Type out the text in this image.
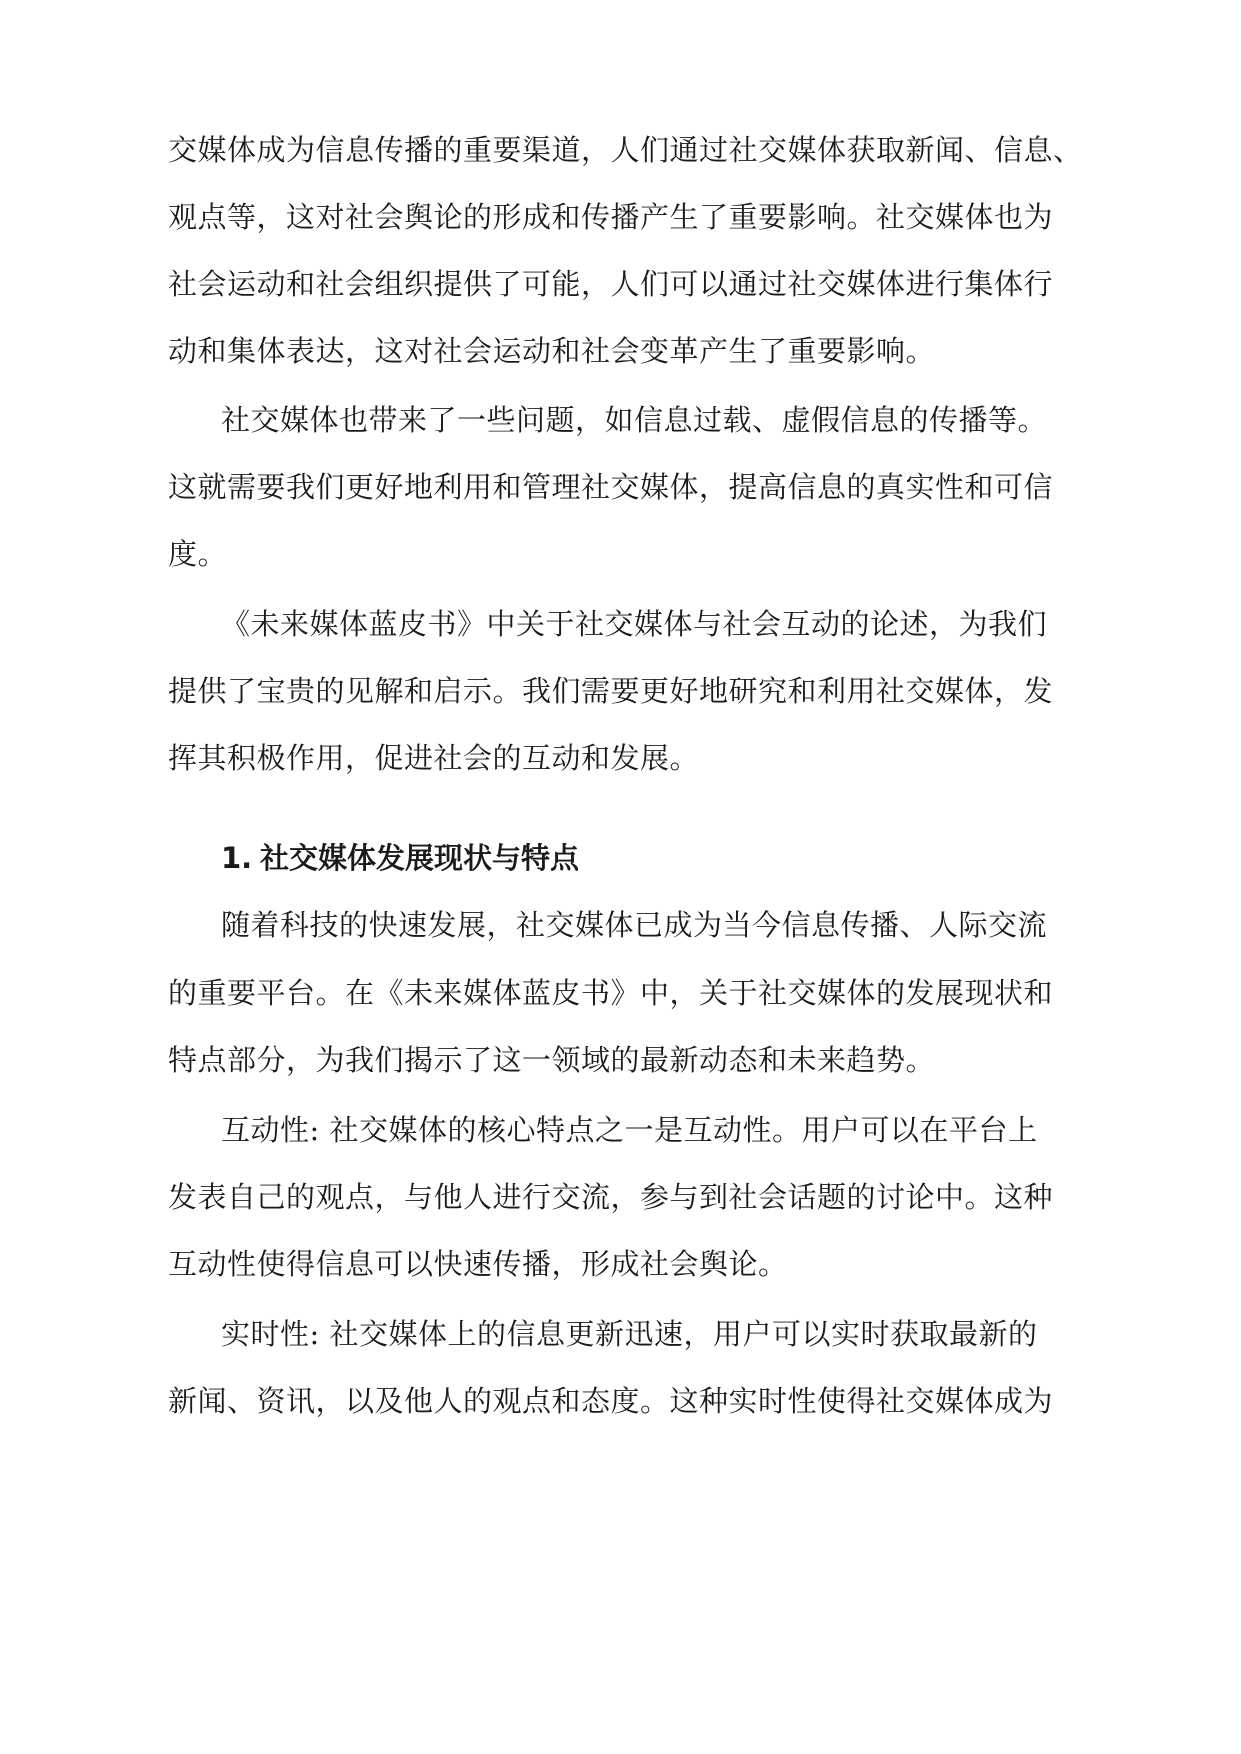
交媒体成为信息传播的重要渠道，人们通过社交媒体获取新闻、信息、
观点等，这对社会舆论的形成和传播产生了重要影响。社交媒体也为
社会运动和社会组织提供了可能，人们可以通过社交媒体进行集体行
动和集体表达，这对社会运动和社会变革产生了重要影响。
社交媒体也带来了一些问题，如信息过载、虚假信息的传播等。
这就需要我们更好地利用和管理社交媒体，提高信息的真实性和可信
度。
《未来媒体蓝皮书》中关于社交媒体与社会互动的论述，为我们
提供了宝贵的见解和启示。我们需要更好地研究和利用社交媒体，发
挥其积极作用，促进社会的互动和发展。
1. 社交媒体发展现状与特点
随着科技的快速发展，社交媒体已成为当今信息传播、人际交流
的重要平台。在《未来媒体蓝皮书》中，关于社交媒体的发展现状和
特点部分，为我们揭示了这一领域的最新动态和未来趋势。
互动性: 社交媒体的核心特点之一是互动性。用户可以在平台上
发表自己的观点，与他人进行交流，参与到社会话题的讨论中。这种
互动性使得信息可以快速传播，形成社会舆论。
实时性: 社交媒体上的信息更新迅速，用户可以实时获取最新的
新闻、资讯，以及他人的观点和态度。这种实时性使得社交媒体成为
